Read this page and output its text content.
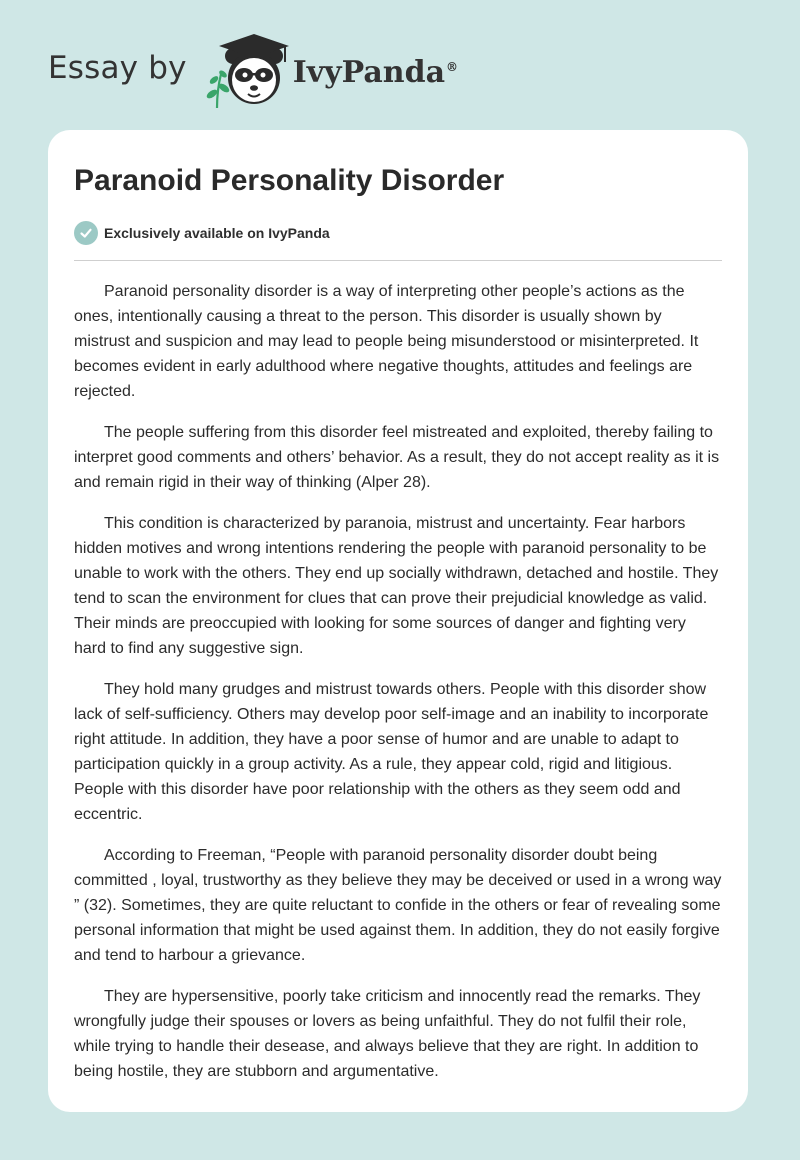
Essay by	IvyPanda®
Paranoid Personality Disorder
Exclusively available on IvyPanda

Paranoid personality disorder is a way of interpreting other people’s actions as the ones, intentionally causing a threat to the person. This disorder is usually shown by mistrust and suspicion and may lead to people being misunderstood or misinterpreted. It becomes evident in early adulthood where negative thoughts, attitudes and feelings are rejected.

The people suffering from this disorder feel mistreated and exploited, thereby failing to interpret good comments and others’ behavior. As a result, they do not accept reality as it is and remain rigid in their way of thinking (Alper 28).

This condition is characterized by paranoia, mistrust and uncertainty. Fear harbors hidden motives and wrong intentions rendering the people with paranoid personality to be unable to work with the others. They end up socially withdrawn, detached and hostile. They tend to scan the environment for clues that can prove their prejudicial knowledge as valid. Their minds are preoccupied with looking for some sources of danger and fighting very hard to find any suggestive sign.

They hold many grudges and mistrust towards others. People with this disorder show lack of self-sufficiency. Others may develop poor self-image and an inability to incorporate right attitude. In addition, they have a poor sense of humor and are unable to adapt to participation quickly in a group activity. As a rule, they appear cold, rigid and litigious. People with this disorder have poor relationship with the others as they seem odd and eccentric.

According to Freeman, “People with paranoid personality disorder doubt being committed , loyal, trustworthy as they believe they may be deceived or used in a wrong way ” (32). Sometimes, they are quite reluctant to confide in the others or fear of revealing some personal information that might be used against them. In addition, they do not easily forgive and tend to harbour a grievance.

They are hypersensitive, poorly take criticism and innocently read the remarks. They wrongfully judge their spouses or lovers as being unfaithful. They do not fulfil their role, while trying to handle their desease, and always believe that they are right. In addition to being hostile, they are stubborn and argumentative.
